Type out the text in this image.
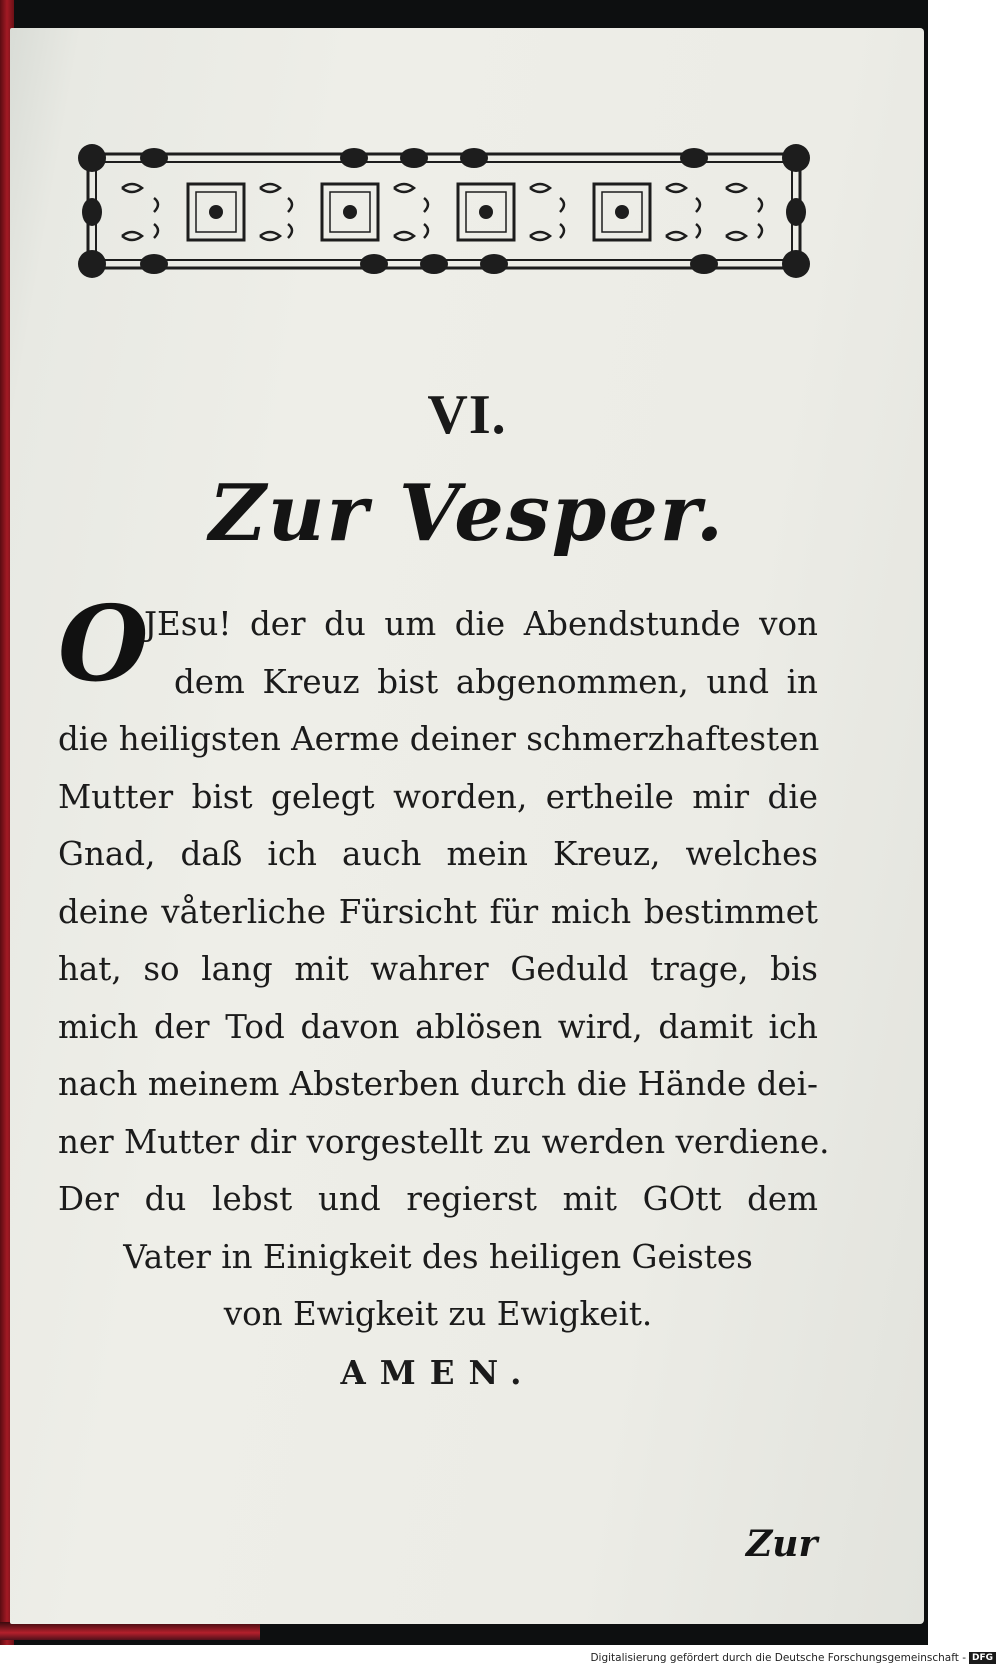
VI.
Zur Vesper.
O
JEsu! der du um die Abendstunde von
dem Kreuz bist abgenommen, und in
die heiligsten Aerme deiner schmerzhaftesten
Mutter bist gelegt worden, ertheile mir die
Gnad, daß ich auch mein Kreuz, welches
deine våterliche Fürsicht für mich bestimmet
hat, so lang mit wahrer Geduld trage, bis
mich der Tod davon ablösen wird, damit ich
nach meinem Absterben durch die Hände dei-
ner Mutter dir vorgestellt zu werden verdiene.
Der du lebst und regierst mit GOtt dem
Vater in Einigkeit des heiligen Geistes
von Ewigkeit zu Ewigkeit.
AMEN.
Zur
Digitalisierung gefördert durch die Deutsche Forschungsgemeinschaft - DFG
